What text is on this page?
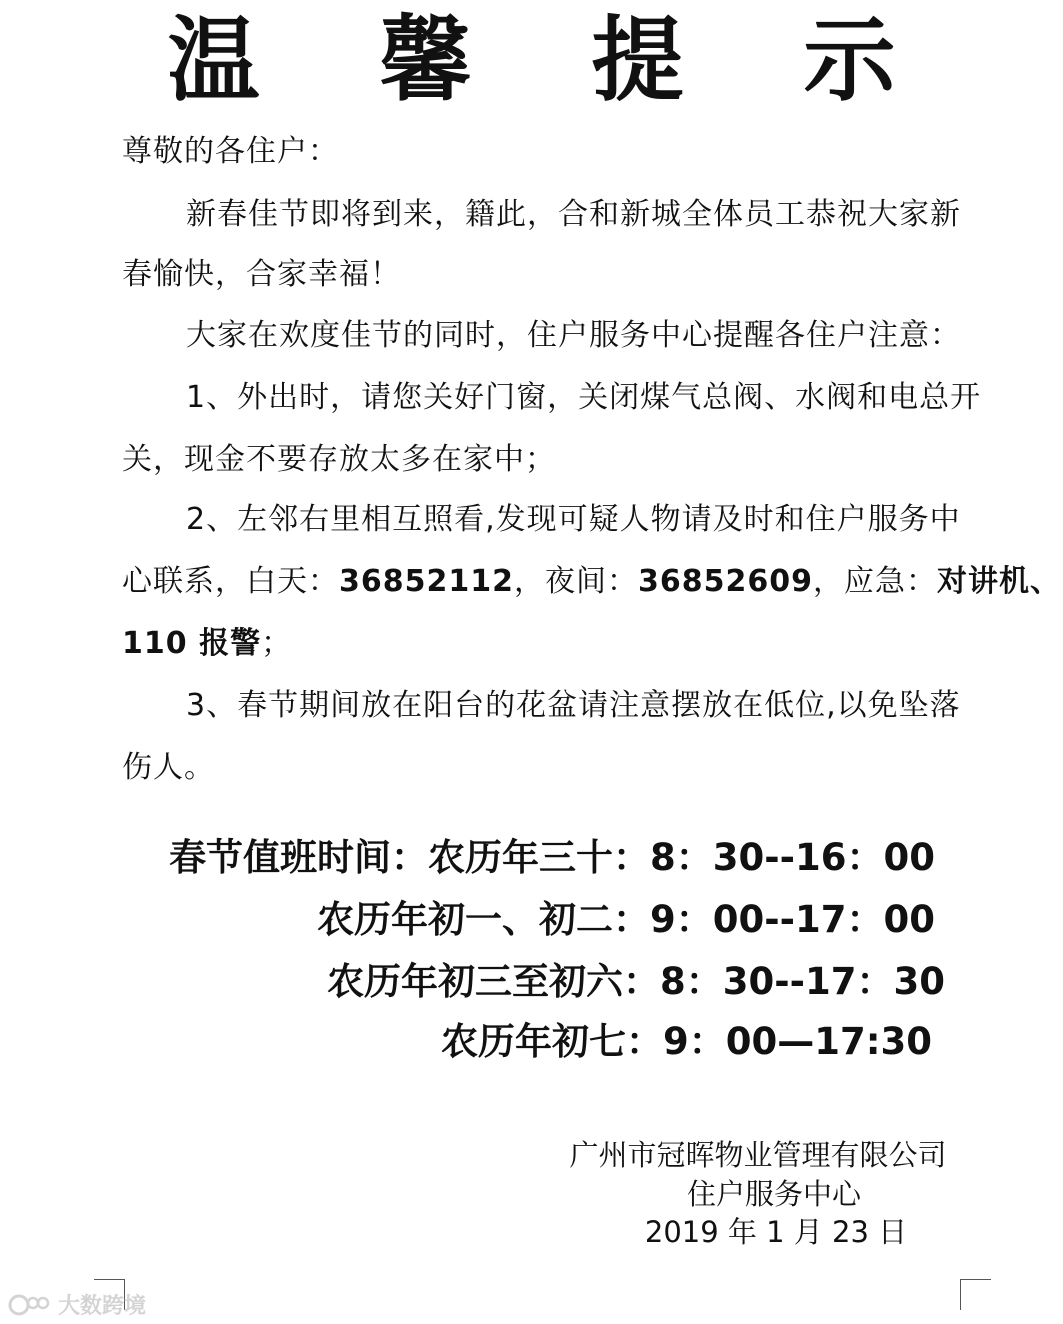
温 馨 提 示
尊敬的各住户：
新春佳节即将到来，籍此，合和新城全体员工恭祝大家新
春愉快，合家幸福！
大家在欢度佳节的同时，住户服务中心提醒各住户注意：
1、外出时，请您关好门窗，关闭煤气总阀、水阀和电总开
关，现金不要存放太多在家中；
2、左邻右里相互照看,发现可疑人物请及时和住户服务中
心联系，白天：36852112，夜间：36852609，应急：对讲机、
110 报警；
3、春节期间放在阳台的花盆请注意摆放在低位,以免坠落
伤人。
春节值班时间：农历年三十：8：30--16：00
农历年初一、初二：9：00--17：00
农历年初三至初六：8：30--17：30
农历年初七：9：00—17:30
广州市冠晖物业管理有限公司
住户服务中心
2019 年 1 月 23 日
大数跨境
